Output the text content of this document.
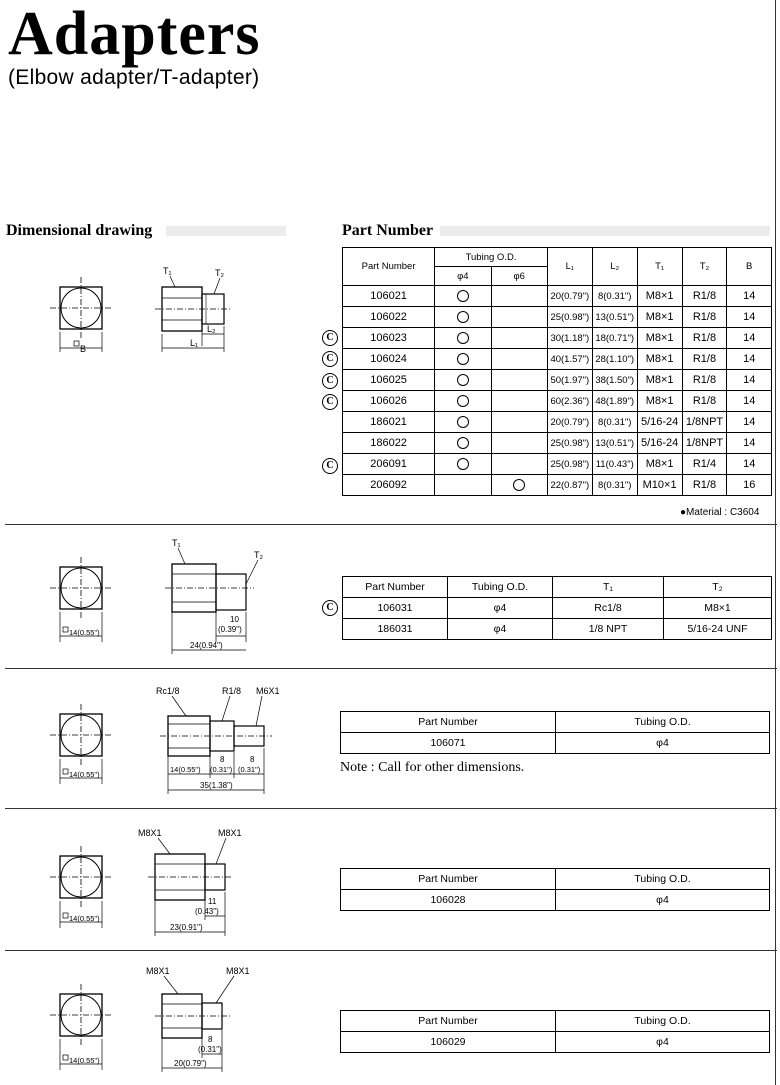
Adapters
(Elbow adapter/T-adapter)
Dimensional drawing	Part Number
B
T₁	T₂
L₂
L₁
Part Number	Tubing O.D.		L₁	L₂	T₁	T₂	B
	φ4	φ6					
106021			20(0.79")	8(0.31")	M8×1	R1/8	14
106022			25(0.98")	13(0.51")	M8×1	R1/8	14
106023			30(1.18")	18(0.71")	M8×1	R1/8	14
106024			40(1.57")	28(1.10")	M8×1	R1/8	14
106025			50(1.97")	38(1.50")	M8×1	R1/8	14
106026			60(2.36")	48(1.89")	M8×1	R1/8	14
186021			20(0.79")	8(0.31")	5/16-24	1/8NPT	14
186022			25(0.98")	13(0.51")	5/16-24	1/8NPT	14
206091			25(0.98")	11(0.43")	M8×1	R1/4	14
206092			22(0.87")	8(0.31")	M10×1	R1/8	16
●Material : C3604
C
C
C
C
C
14(0.55")
T₁
T₂
10
(0.39")
24(0.94")
Part Number	Tubing O.D.	T₁	T₂
106031	φ4	Rc1/8	M8×1
186031	φ4	1/8 NPT	5/16-24 UNF
C
14(0.55")
Rc1/8	R1/8 M6X1
14(0.55")
8
(0.31")
8
(0.31")
35(1.38")
Part Number	Tubing O.D.
106071	φ4
Note : Call for other dimensions.
14(0.55")
M8X1	M8X1
11
(0.43")
23(0.91")
Part Number	Tubing O.D.
106028	φ4
14(0.55")
M8X1	M8X1
8
(0.31")
20(0.79")
Part Number	Tubing O.D.
106029	φ4
